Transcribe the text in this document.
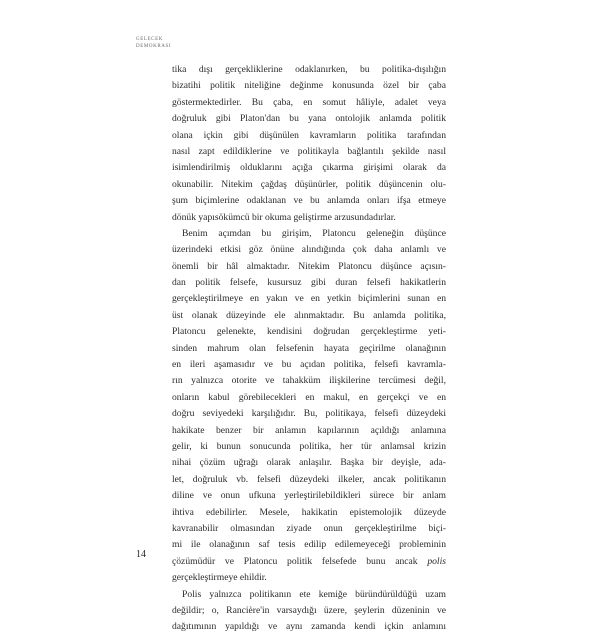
GELECEK
DEMOKRASI
tika dışı gerçekliklerine odaklanırken, bu politika-dışılığın
bizatihi politik niteliğine değinme konusunda özel bir çaba
göstermektedirler. Bu çaba, en somut hâliyle, adalet veya
doğruluk gibi Platon'dan bu yana ontolojik anlamda politik
olana içkin gibi düşünülen kavramların politika tarafından
nasıl zapt edildiklerine ve politikayla bağlantılı şekilde nasıl
isimlendirilmiş olduklarını açığa çıkarma girişimi olarak da
okunabilir. Nitekim çağdaş düşünürler, politik düşüncenin olu-
şum biçimlerine odaklanan ve bu anlamda onları ifşa etmeye
dönük yapısökümcü bir okuma geliştirme arzusundadırlar.
Benim açımdan bu girişim, Platoncu geleneğin düşünce
üzerindeki etkisi göz önüne alındığında çok daha anlamlı ve
önemli bir hâl almaktadır. Nitekim Platoncu düşünce açısın-
dan politik felsefe, kusursuz gibi duran felsefi hakikatlerin
gerçekleştirilmeye en yakın ve en yetkin biçimlerini sunan en
üst olanak düzeyinde ele alınmaktadır. Bu anlamda politika,
Platoncu gelenekte, kendisini doğrudan gerçekleştirme yeti-
sinden mahrum olan felsefenin hayata geçirilme olanağının
en ileri aşamasıdır ve bu açıdan politika, felsefi kavramla-
rın yalnızca otorite ve tahakküm ilişkilerine tercümesi değil,
onların kabul görebilecekleri en makul, en gerçekçi ve en
doğru seviyedeki karşılığıdır. Bu, politikaya, felsefi düzeydeki
hakikate benzer bir anlamın kapılarının açıldığı anlamına
gelir, ki bunun sonucunda politika, her tür anlamsal krizin
nihai çözüm uğrağı olarak anlaşılır. Başka bir deyişle, ada-
let, doğruluk vb. felsefi düzeydeki ilkeler, ancak politikanın
diline ve onun ufkuna yerleştirilebildikleri sürece bir anlam
ihtiva edebilirler. Mesele, hakikatin epistemolojik düzeyde
kavranabilir olmasından ziyade onun gerçekleştirilme biçi-
mi ile olanağının saf tesis edilip edilemeyeceği probleminin
çözümüdür ve Platoncu politik felsefede bunu ancak polis
gerçekleştirmeye ehildir.
Polis yalnızca politikanın ete kemiğe büründürüldüğü uzam
değildir; o, Rancière'in varsaydığı üzere, şeylerin düzeninin ve
dağıtımının yapıldığı ve aynı zamanda kendi içkin anlamını
14
